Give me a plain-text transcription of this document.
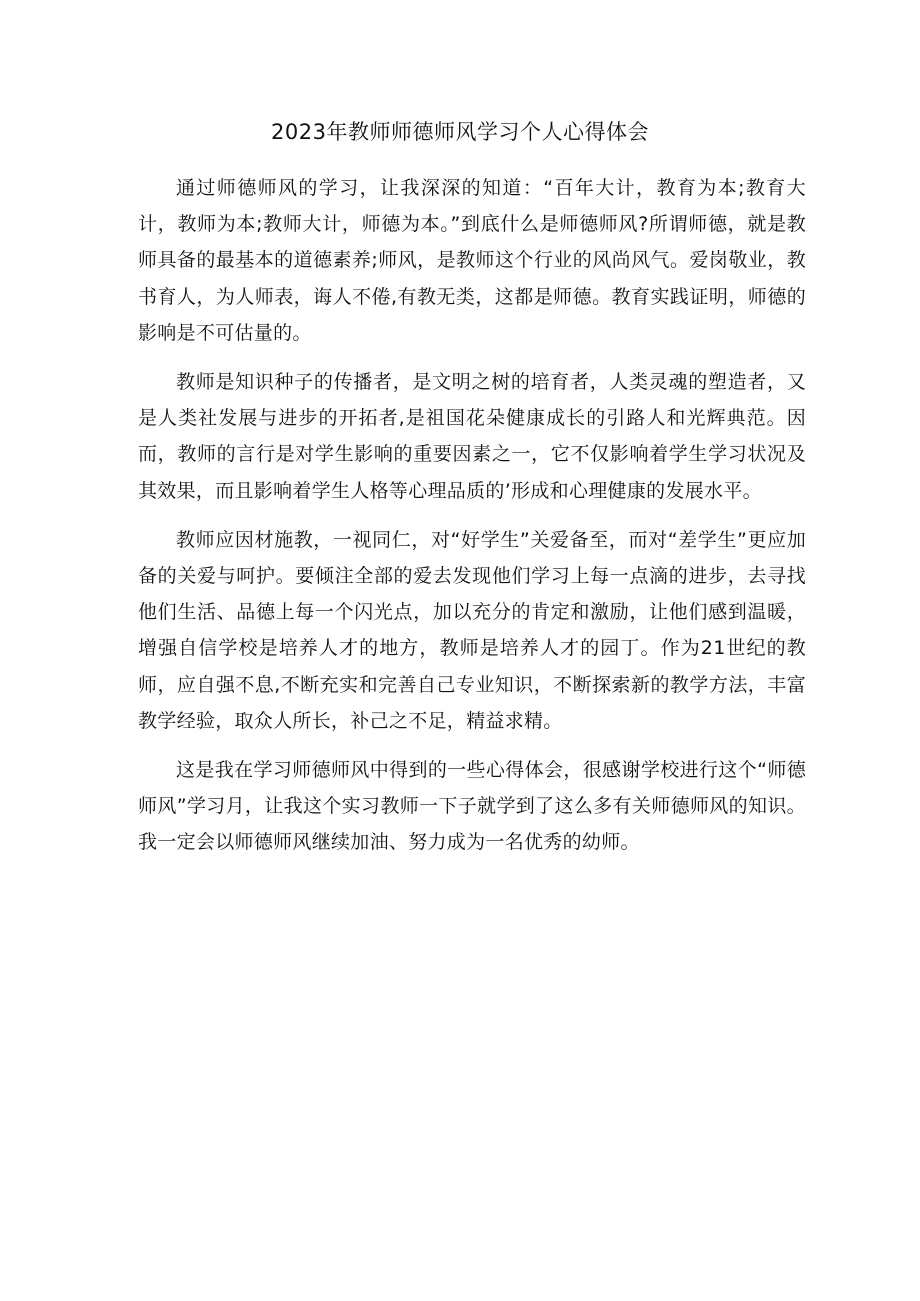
2023年教师师德师风学习个人心得体会

通过师德师风的学习，让我深深的知道：“百年大计，教育为本;教育大计，教师为本;教师大计，师德为本。”到底什么是师德师风?所谓师德，就是教师具备的最基本的道德素养;师风，是教师这个行业的风尚风气。爱岗敬业，教书育人，为人师表，诲人不倦,有教无类，这都是师德。教育实践证明，师德的影响是不可估量的。

教师是知识种子的传播者，是文明之树的培育者，人类灵魂的塑造者，又是人类社发展与进步的开拓者,是祖国花朵健康成长的引路人和光辉典范。因而，教师的言行是对学生影响的重要因素之一，它不仅影响着学生学习状况及其效果，而且影响着学生人格等心理品质的’形成和心理健康的发展水平。

教师应因材施教，一视同仁，对“好学生”关爱备至，而对“差学生”更应加备的关爱与呵护。要倾注全部的爱去发现他们学习上每一点滴的进步，去寻找他们生活、品德上每一个闪光点，加以充分的肯定和激励，让他们感到温暖，增强自信学校是培养人才的地方，教师是培养人才的园丁。作为21世纪的教师，应自强不息,不断充实和完善自己专业知识，不断探索新的教学方法，丰富教学经验，取众人所长，补己之不足，精益求精。

这是我在学习师德师风中得到的一些心得体会，很感谢学校进行这个“师德师风”学习月，让我这个实习教师一下子就学到了这么多有关师德师风的知识。我一定会以师德师风继续加油、努力成为一名优秀的幼师。
